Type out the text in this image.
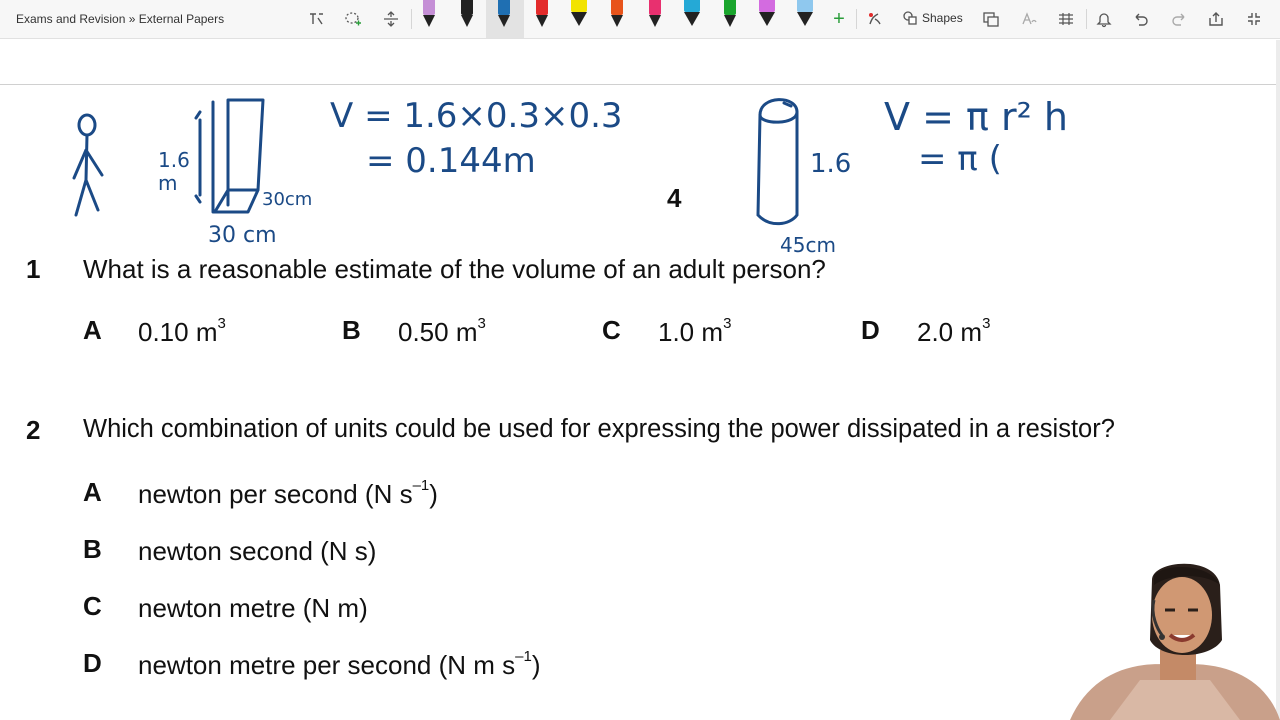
Exams and Revision » External Papers	+	Shapes
1.6
m
30cm
30 cm
V = 1.6×0.3×0.3
= 0.144m
4
1.6
45cm
V = π r² h
= π (
1 What is a reasonable estimate of the volume of an adult person?
A 0.10 $m^3$	B 0.50 $m^3$	C 1.0 $m^3$	D 2.0 $m^3$
2 Which combination of units could be used for expressing the power dissipated in a resistor?
A newton per second (N $s^{-1}$)
B newton second (N s)
C newton metre (N m)
D newton metre per second (N m $s^{-1}$)
